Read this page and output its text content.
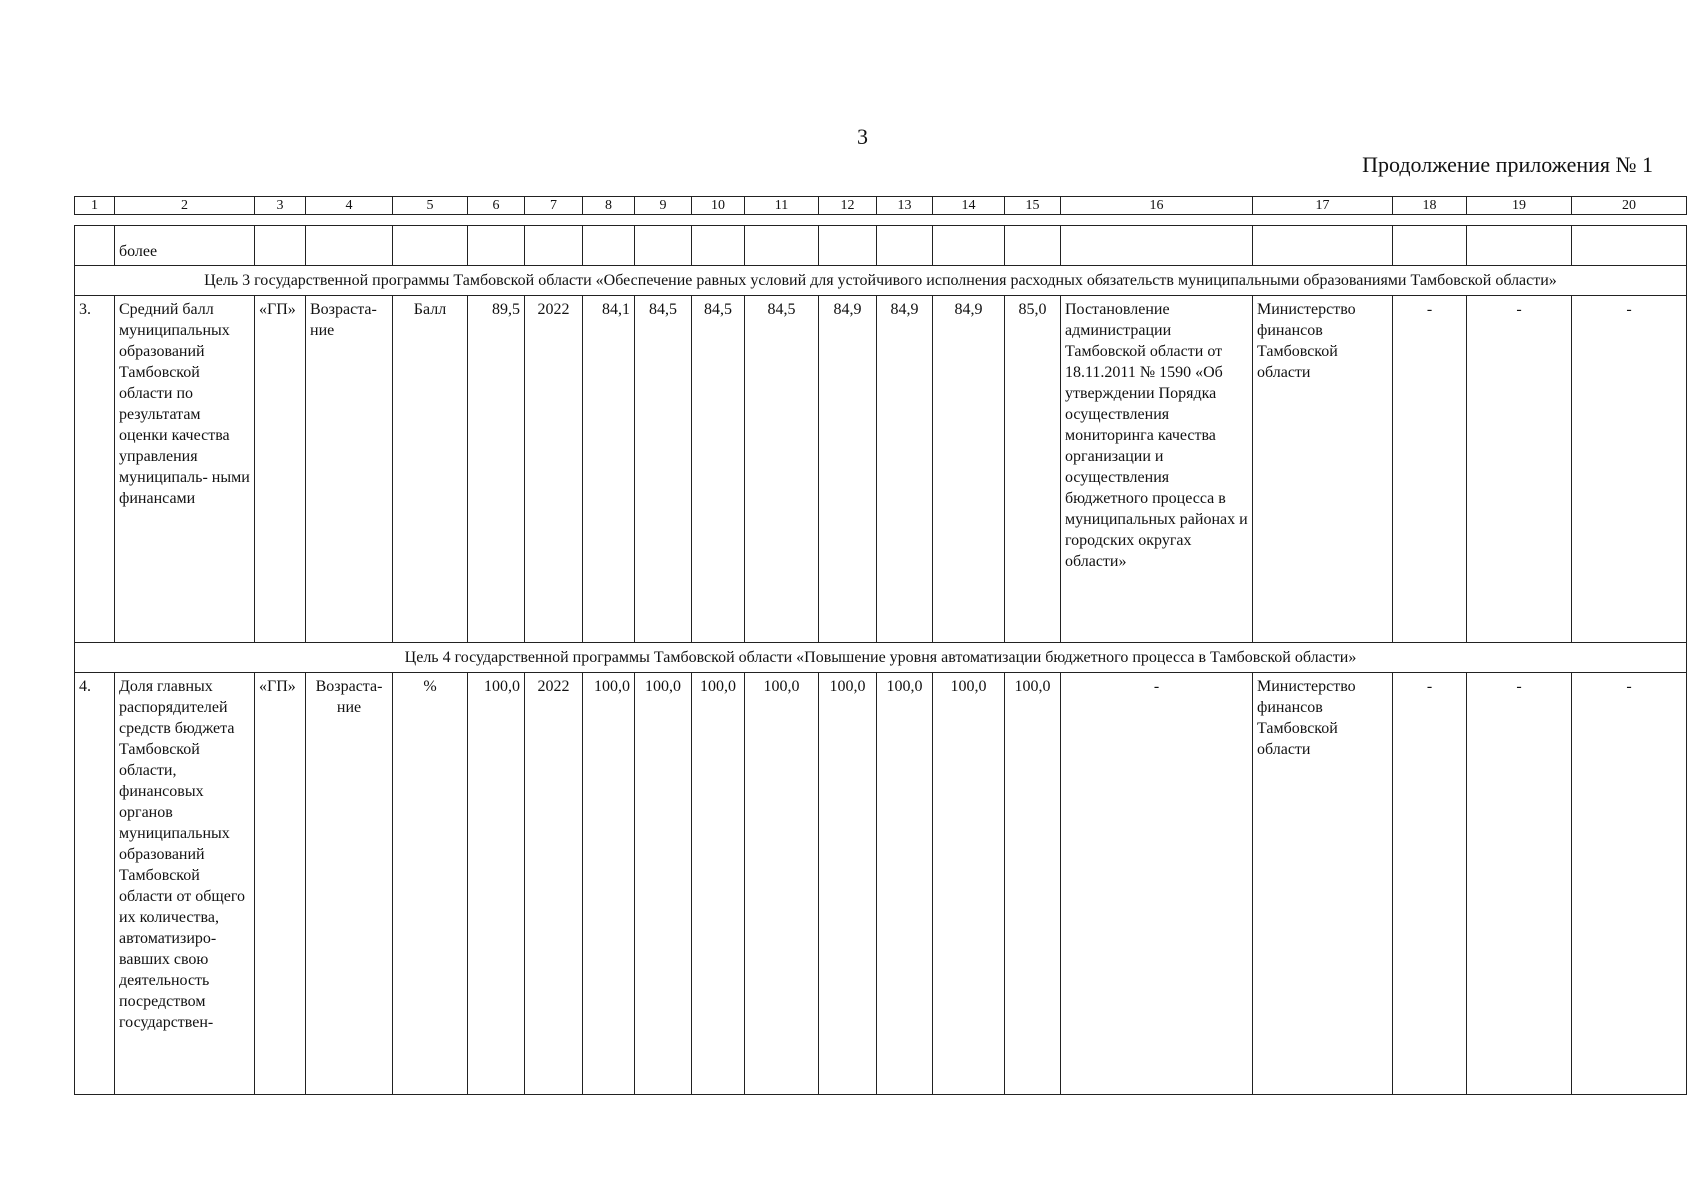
3
Продолжение приложения № 1
1	2	3	4	5	6	7	8	9	10	11	12	13	14	15	16	17	18	19	20

	более																		
Цель 3 государственной программы Тамбовской области «Обеспечение равных условий для устойчивого исполнения расходных обязательств муниципальными образованиями Тамбовской области»																			
3.	Средний балл муниципальных образований Тамбовской области по результатам оценки качества управления муниципаль- ными финансами	«ГП»	Возраста- ние	Балл	89,5	2022	84,1	84,5	84,5	84,5	84,9	84,9	84,9	85,0	Постановление администрации Тамбовской области от 18.11.2011 № 1590 «Об утверждении Порядка осуществления мониторинга качества организации и осуществления бюджетного процесса в муниципальных районах и городских округах области»	Министерство финансов Тамбовской области	-	-	-
Цель 4 государственной программы Тамбовской области «Повышение уровня автоматизации бюджетного процесса в Тамбовской области»																			
4.	Доля главных распорядителей средств бюджета Тамбовской области, финансовых органов муниципальных образований Тамбовской области от общего их количества, автоматизиро- вавших свою деятельность посредством государствен-	«ГП»	Возраста- ние	%	100,0	2022	100,0	100,0	100,0	100,0	100,0	100,0	100,0	100,0	-	Министерство финансов Тамбовской области	-	-	-
